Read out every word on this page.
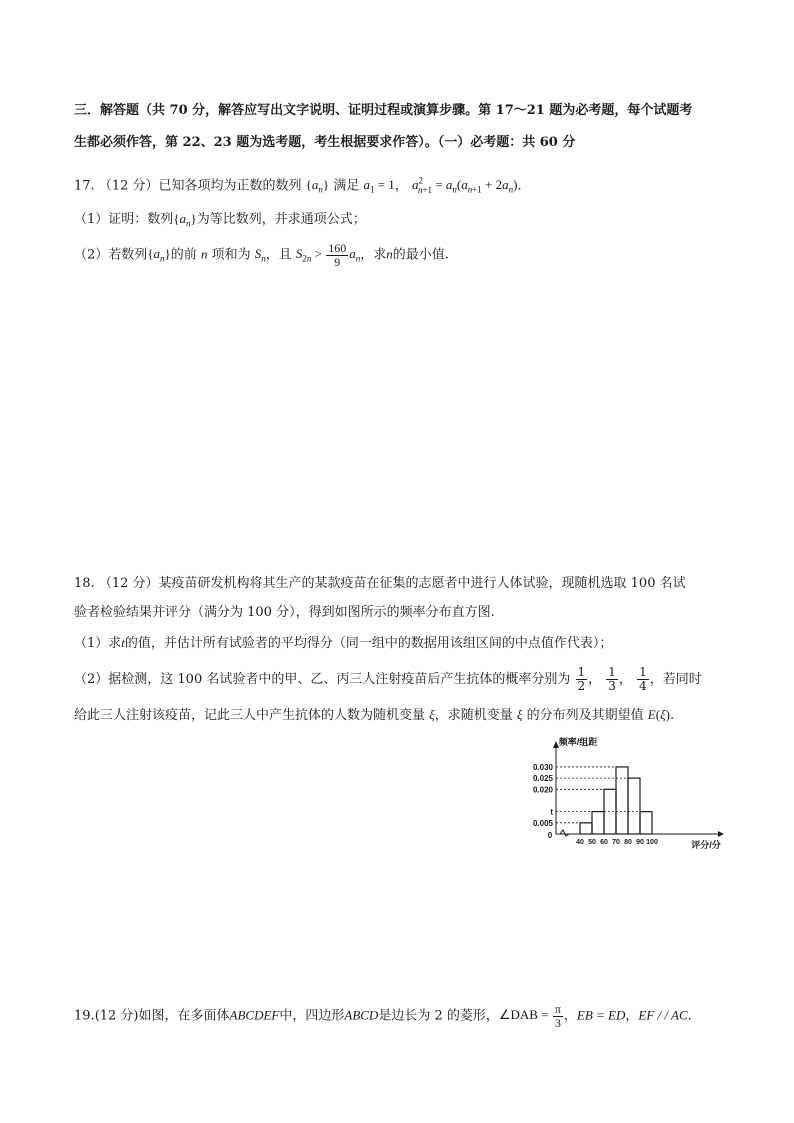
三．解答题（共 70 分，解答应写出文字说明、证明过程或演算步骤。第 17～21 题为必考题，每个试题考
生都必须作答，第 22、23 题为选考题，考生根据要求作答）。（一）必考题：共 60 分
17. （12 分）已知各项均为正数的数列 $\{a_n\}$ 满足 $a_1 = 1$， $a^2_{n+1} = a_n(a_{n+1} + 2a_n)$.
（1）证明：数列$\{a_n\}$为等比数列，并求通项公式；
（2）若数列$\{a_n\}$的前 n 项和为 $S_n$，且 $S_{2n} > \frac{160}{9} a_n$，求n的最小值.
18. （12 分）某疫苗研发机构将其生产的某款疫苗在征集的志愿者中进行人体试验，现随机选取 100 名试
验者检验结果并评分（满分为 100 分），得到如图所示的频率分布直方图.
（1）求t的值，并估计所有试验者的平均得分（同一组中的数据用该组区间的中点值作代表）；
（2）据检测，这 100 名试验者中的甲、乙、丙三人注射疫苗后产生抗体的概率分别为 $\frac{1}{2}$ ， $\frac{1}{3}$ ， $\frac{1}{4}$ ，若同时
给此三人注射该疫苗，记此三人中产生抗体的人数为随机变量 ξ，求随机变量 ξ 的分布列及其期望值 E(ξ).
0.005
t
0.020
0.025
0.030
40 50 60 70 80 90 100
0
频率/组距
评分/分
19.(12 分)如图，在多面体ABCDEF中，四边形ABCD是边长为 2 的菱形，∠DAB = $\frac{\pi}{3}$ ，EB = ED，EF / / AC.
